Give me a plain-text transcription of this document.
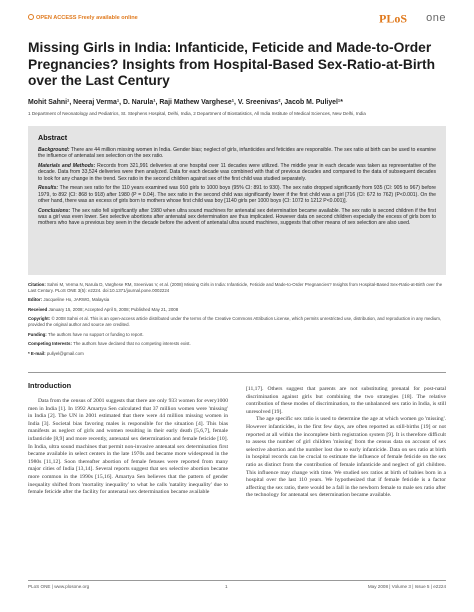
OPEN ACCESS Freely available online	PLoS one
Missing Girls in India: Infanticide, Feticide and Made-to-Order Pregnancies? Insights from Hospital-Based Sex-Ratio-at-Birth over the Last Century
Mohit Sahni¹, Neeraj Verma¹, D. Narula¹, Raji Mathew Varghese¹, V. Sreenivas², Jacob M. Puliyel¹*
1 Department of Neonatology and Pediatrics, St. Stephens Hospital, Delhi, India, 2 Department of Biostatistics, All India Institute of Medical Sciences, New Delhi, India
Abstract

Background: There are 44 million missing women in India. Gender bias; neglect of girls, infanticides and feticides are responsible. The sex ratio at birth can be used to examine the influence of antenatal sex selection on the sex ratio.

Materials and Methods: Records from 321,991 deliveries at one hospital over 11 decades were utilized. The middle year in each decade was taken as representative of the decade. Data from 33,524 deliveries were then analyzed. Data for each decade was combined with that of previous decades and compared to the data of subsequent decades to look for any change in the trend. Sex ratio in the second children against sex of the first child was studied separately.

Results: The mean sex ratio for the 110 years examined was 910 girls to 1000 boys (95% CI: 891 to 930). The sex ratio dropped significantly from 935 (CI: 905 to 967) before 1979, to 892 (CI: 868 to 918) after 1980 (P = 0.04). The sex ratio in the second child was significantly lower if the first child was a girl [716 (CI: 672 to 762) (P<0.001). On the other hand, there was an excess of girls born to mothers whose first child was boy [1140 girls per 1000 boys (CI: 1072 to 1212 P<0.001)].

Conclusions: The sex ratio fell significantly after 1980 when ultra sound machines for antenatal sex determination became available. The sex ratio is second children if the first was a girl was even lower. Sex selective abortions after antenatal sex determination are thus implicated. However data on second children especially the excess of girls born to mothers who have a previous boy seen in the decade before the advent of antenatal ultra sound machines, suggests that other means of sex selection are also used.

Citation: Sahni M, Verma N, Narula D, Varghese RM, Sreenivas V, et al. (2008) Missing Girls in India: Infanticide, Feticide and Made-to-Order Pregnancies? Insights from Hospital-Based Sex-Ratio-at-Birth over the Last Century. PLoS ONE 3(5): e2224. doi:10.1371/journal.pone.0002224

Editor: Jacqueline Ho, JARWG, Malaysia

Received January 15, 2008; Accepted April 5, 2008; Published May 21, 2008

Copyright: © 2008 Sahni et al. This is an open-access article distributed under the terms of the Creative Commons Attribution License, which permits unrestricted use, distribution, and reproduction in any medium, provided the original author and source are credited.

Funding: The authors have no support or funding to report.

Competing Interests: The authors have declared that no competing interests exist.

* E-mail: puliyel@gmail.com

Introduction

Data from the census of 2001 suggests that there are only 933 women for every1000 men in India [1]. In 1992 Amartya Sen calculated that 37 million women were 'missing' in India [2]. The UN in 2001 estimated that there were 44 million missing women in India [3]. Societal bias favoring males is responsible for the situation [4]. This bias manifests as neglect of girls and women resulting in their early death [5,6,7], female infanticide [8,9] and more recently, antenatal sex determination and female feticide [10]. In India, ultra sound machines that permit non-invasive antenatal sex determination first became available in select centers in the late 1970s and became more widespread in the 1980s [11,12]. Soon thereafter abortion of female fetuses were reported from many major cities of India [13,14]. Several reports suggest that sex selective abortion became more common in the 1990s [15,16]. Amartya Sen believes that the pattern of gender inequality shifted from 'mortality inequality' to what he calls 'natality inequality' due to female feticide after the facility for antenatal sex determination became available

[11,17]. Others suggest that parents are not substituting prenatal for post-natal discrimination against girls but combining the two strategies [18]. The relative contribution of these modes of discrimination, to the unbalanced sex ratio in India, is still unresolved [19].

The age specific sex ratio is used to determine the age at which women go 'missing'. However infanticides, in the first few days, are often reported as still-births [19] or not reported at all within the incomplete birth registration system [9]. It is therefore difficult to assess the number of girl children 'missing' from the census data on account of sex selective abortion and the number lost due to early infanticide. Data on sex ratio at birth in hospital records can be crucial to estimate the influence of female feticide on the sex ratio as distinct from the contribution of female infanticide and neglect of girl children. This influence may change with time. We studied sex ratios at birth of babies born in a hospital over the last 110 years. We hypothesized that if female feticide is a factor affecting the sex ratio, there would be a fall in the newborn female to male sex ratio after the technology for antenatal sex determination became available.

PLoS ONE | www.plosone.org	1	May 2008 | Volume 3 | Issue 5 | e2224
